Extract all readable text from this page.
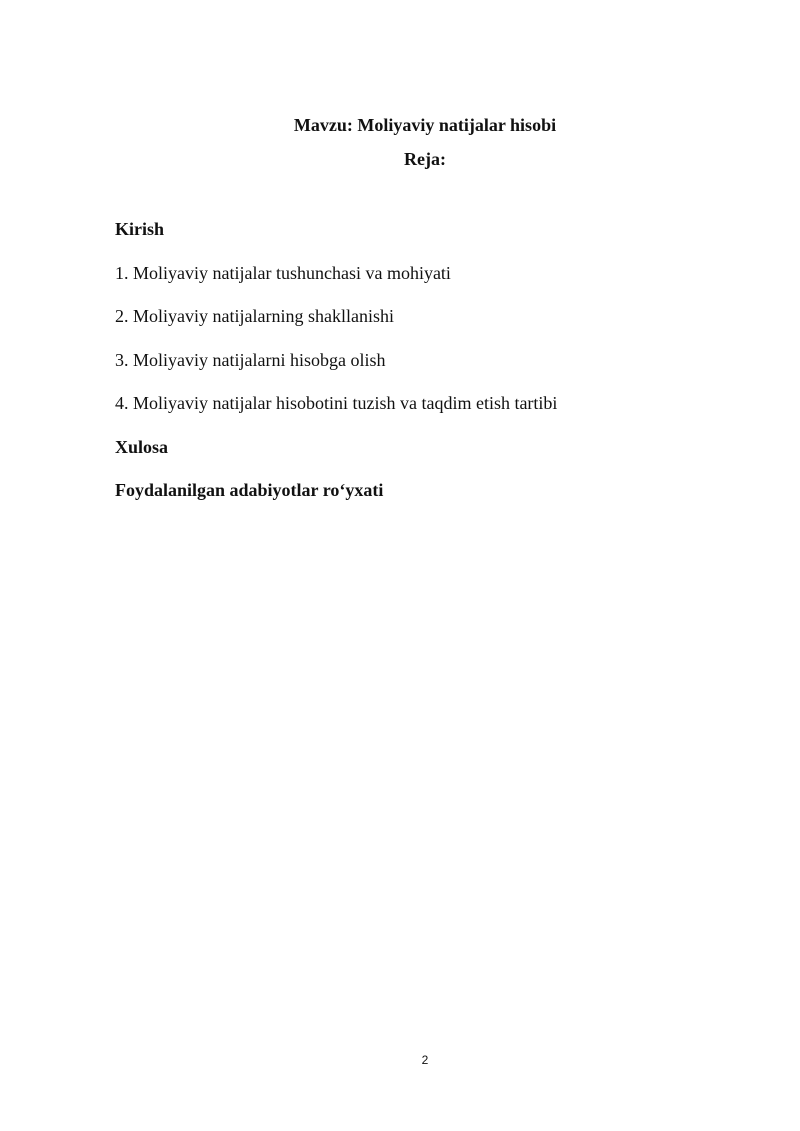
Mavzu: Moliyaviy natijalar hisobi
Reja:
Kirish
1. Moliyaviy natijalar tushunchasi va mohiyati
2. Moliyaviy natijalarning shakllanishi
3. Moliyaviy natijalarni hisobga olish
4. Moliyaviy natijalar hisobotini tuzish va taqdim etish tartibi
Xulosa
Foydalanilgan adabiyotlar ro‘yxati
2
